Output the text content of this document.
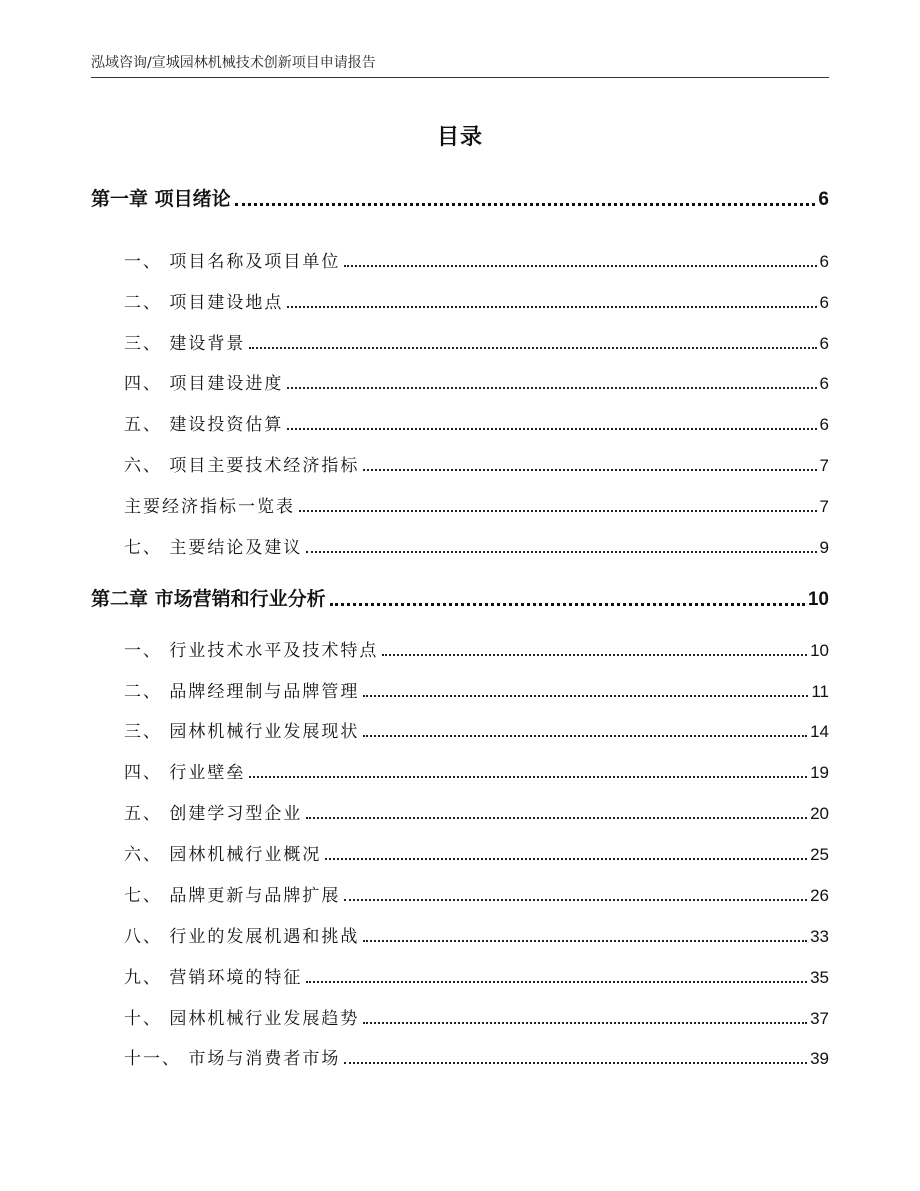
泓域咨询/宣城园林机械技术创新项目申请报告
目录
第一章 项目绪论	6
一、 项目名称及项目单位	6
二、 项目建设地点	6
三、 建设背景	6
四、 项目建设进度	6
五、 建设投资估算	6
六、 项目主要技术经济指标	7
主要经济指标一览表	7
七、 主要结论及建议	9
第二章 市场营销和行业分析	10
一、 行业技术水平及技术特点	10
二、 品牌经理制与品牌管理	11
三、 园林机械行业发展现状	14
四、 行业壁垒	19
五、 创建学习型企业	20
六、 园林机械行业概况	25
七、 品牌更新与品牌扩展	26
八、 行业的发展机遇和挑战	33
九、 营销环境的特征	35
十、 园林机械行业发展趋势	37
十一、 市场与消费者市场	39
